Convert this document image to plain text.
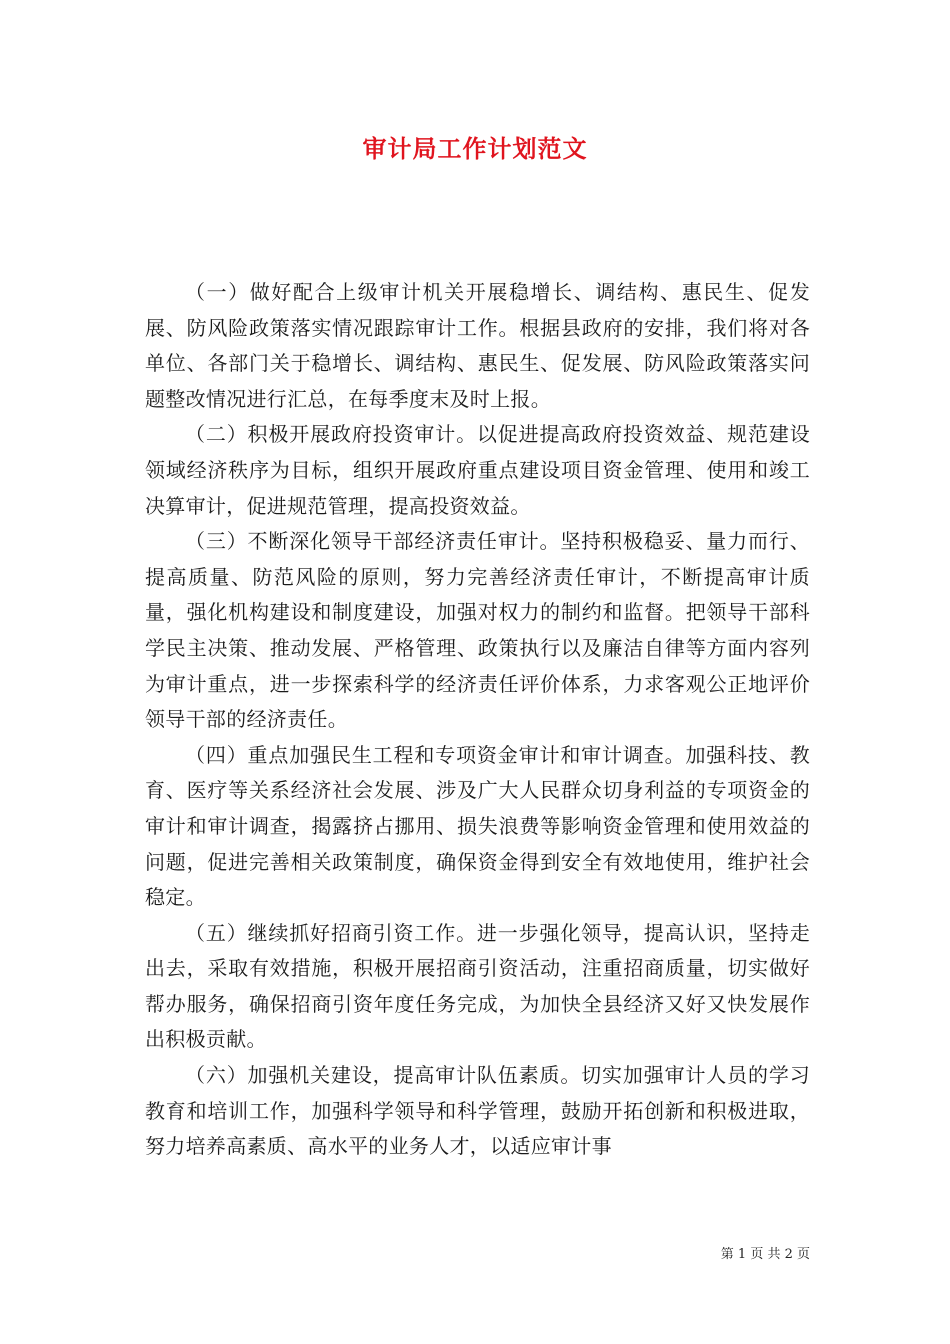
审计局工作计划范文

（一）做好配合上级审计机关开展稳增长、调结构、惠民生、促发展、防风险政策落实情况跟踪审计工作。根据县政府的安排，我们将对各单位、各部门关于稳增长、调结构、惠民生、促发展、防风险政策落实问题整改情况进行汇总，在每季度末及时上报。

（二）积极开展政府投资审计。以促进提高政府投资效益、规范建设领域经济秩序为目标，组织开展政府重点建设项目资金管理、使用和竣工决算审计，促进规范管理，提高投资效益。

（三）不断深化领导干部经济责任审计。坚持积极稳妥、量力而行、提高质量、防范风险的原则，努力完善经济责任审计，不断提高审计质量，强化机构建设和制度建设，加强对权力的制约和监督。把领导干部科学民主决策、推动发展、严格管理、政策执行以及廉洁自律等方面内容列为审计重点，进一步探索科学的经济责任评价体系，力求客观公正地评价领导干部的经济责任。

（四）重点加强民生工程和专项资金审计和审计调查。加强科技、教育、医疗等关系经济社会发展、涉及广大人民群众切身利益的专项资金的审计和审计调查，揭露挤占挪用、损失浪费等影响资金管理和使用效益的问题，促进完善相关政策制度，确保资金得到安全有效地使用，维护社会稳定。

（五）继续抓好招商引资工作。进一步强化领导，提高认识，坚持走出去，采取有效措施，积极开展招商引资活动，注重招商质量，切实做好帮办服务，确保招商引资年度任务完成，为加快全县经济又好又快发展作出积极贡献。

（六）加强机关建设，提高审计队伍素质。切实加强审计人员的学习教育和培训工作，加强科学领导和科学管理，鼓励开拓创新和积极进取，努力培养高素质、高水平的业务人才，以适应审计事

第 1 页 共 2 页
